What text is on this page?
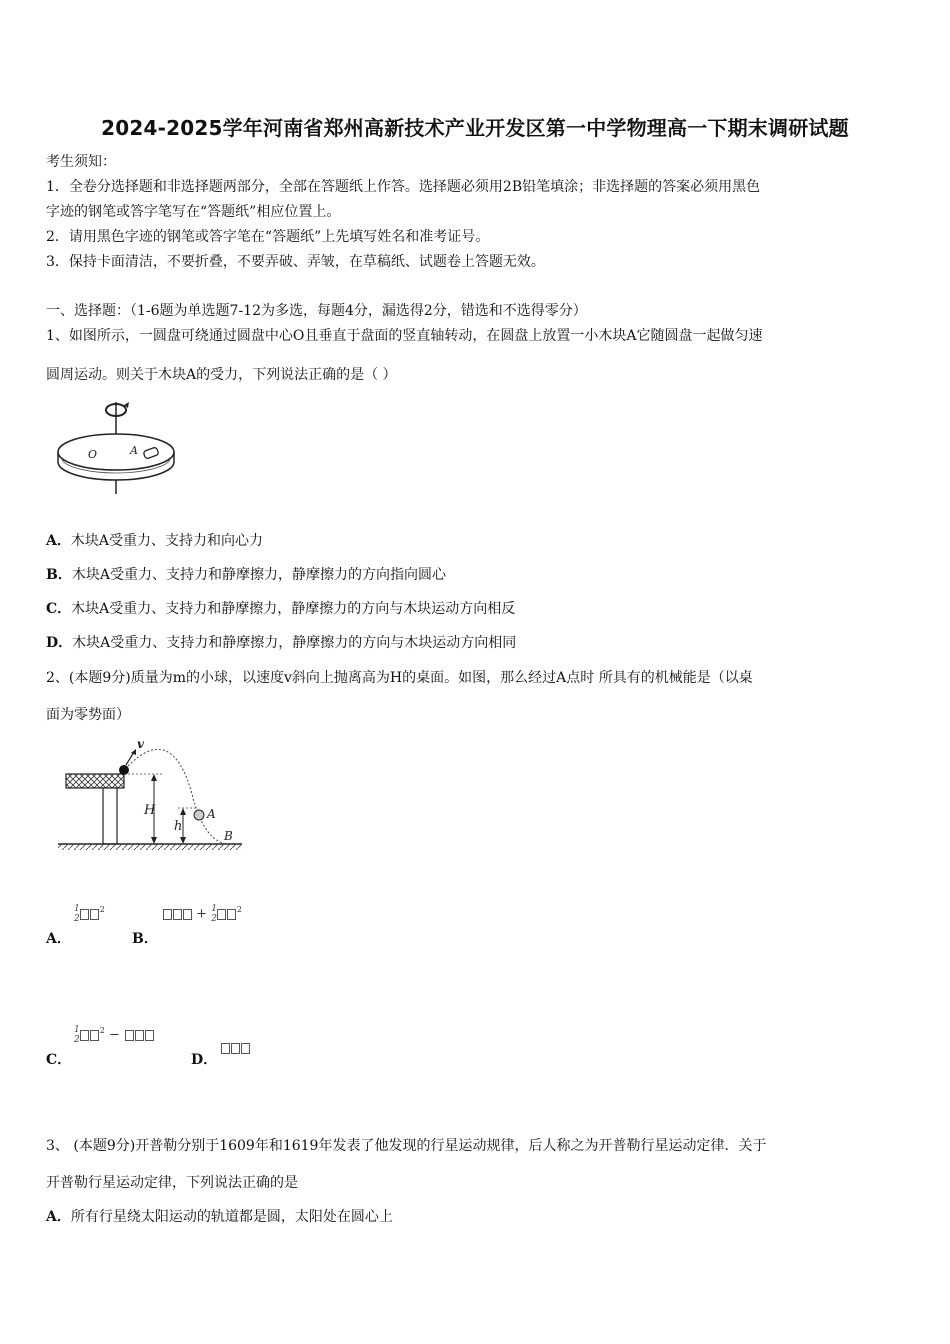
2024-2025学年河南省郑州高新技术产业开发区第一中学物理高一下期末调研试题
考生须知：
1．全卷分选择题和非选择题两部分，全部在答题纸上作答。选择题必须用2B铅笔填涂；非选择题的答案必须用黑色
字迹的钢笔或答字笔写在“答题纸”相应位置上。
2．请用黑色字迹的钢笔或答字笔在“答题纸”上先填写姓名和准考证号。
3．保持卡面清洁，不要折叠，不要弄破、弄皱，在草稿纸、试题卷上答题无效。
一、选择题：（1-6题为单选题7-12为多选，每题4分，漏选得2分，错选和不选得零分）
1、如图所示，一圆盘可绕通过圆盘中心O且垂直于盘面的竖直轴转动，在圆盘上放置一小木块A它随圆盘一起做匀速
圆周运动。则关于木块A的受力，下列说法正确的是（ ）
O	A
A．木块A受重力、支持力和向心力
B．木块A受重力、支持力和静摩擦力，静摩擦力的方向指向圆心
C．木块A受重力、支持力和静摩擦力，静摩擦力的方向与木块运动方向相反
D．木块A受重力、支持力和静摩擦力，静摩擦力的方向与木块运动方向相同
2、(本题9分)质量为m的小球，以速度v斜向上抛离高为H的桌面。如图，那么经过A点时 所具有的机械能是（以桌
面为零势面）
v
H
h
A
B
A．
1
$2^2$
B．
+ 1
$2^2$
C．
1
$2^2$ −
D．
3、 (本题9分)开普勒分别于1609年和1619年发表了他发现的行星运动规律，后人称之为开普勒行星运动定律．关于
开普勒行星运动定律，下列说法正确的是
A．所有行星绕太阳运动的轨道都是圆，太阳处在圆心上
